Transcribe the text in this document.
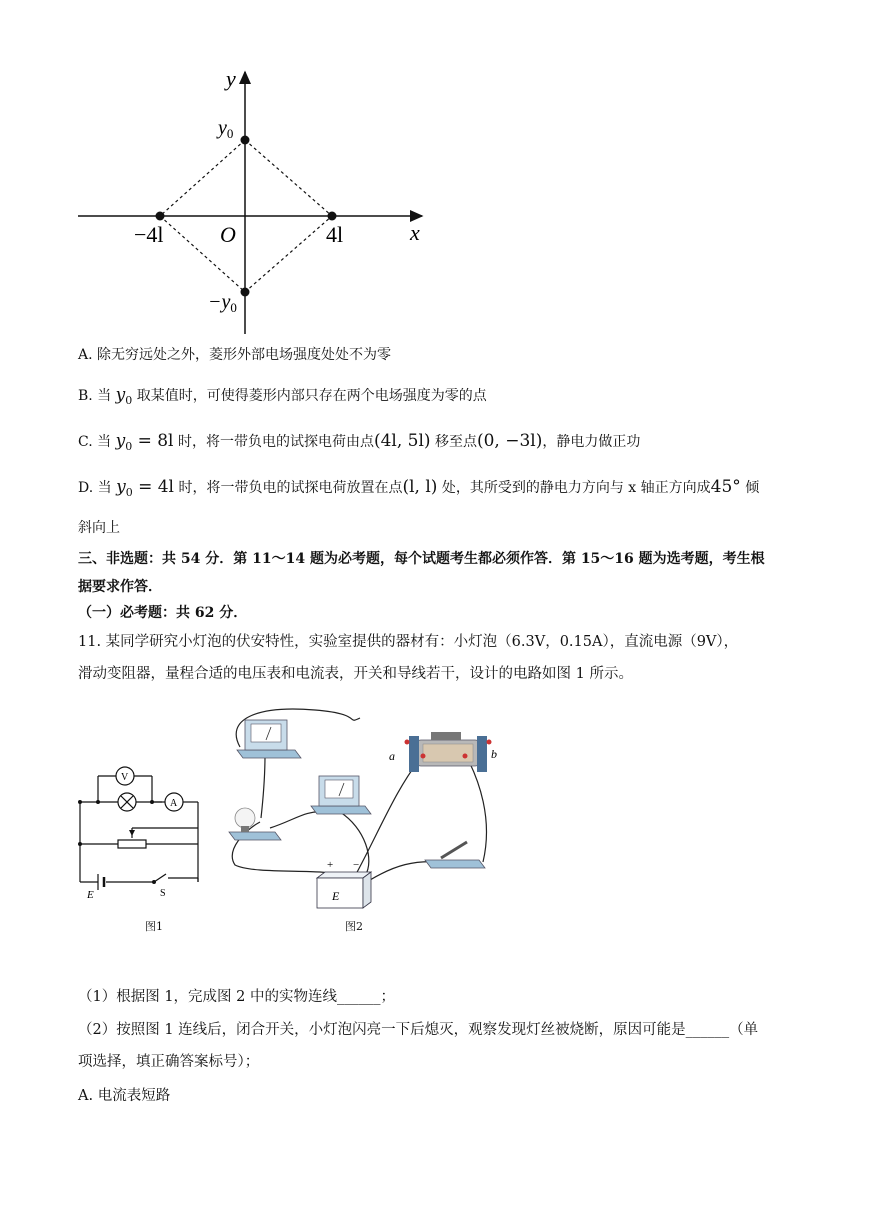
y
x
$y_0$
$-y_0$
−4l	O	4l
A. 除无穷远处之外，菱形外部电场强度处处不为零
B. 当 $y_0$ 取某值时，可使得菱形内部只存在两个电场强度为零的点
C. 当 $y_0 = 8l$ 时，将一带负电的试探电荷由点(4l, 5l) 移至点(0, −3l)，静电力做正功
D. 当 $y_0 = 4l$ 时，将一带负电的试探电荷放置在点(l, l) 处，其所受到的静电力方向与 x 轴正方向成45° 倾
斜向上
三、非选题：共 54 分．第 11～14 题为必考题，每个试题考生都必须作答．第 15～16 题为选考题，考生根
据要求作答．
（一）必考题：共 62 分．
11. 某同学研究小灯泡的伏安特性，实验室提供的器材有：小灯泡（6.3V，0.15A），直流电源（9V），
滑动变阻器，量程合适的电压表和电流表，开关和导线若干，设计的电路如图 1 所示。
V
A
E	S
图1
a	b
+ −
E
图2
（1）根据图 1，完成图 2 中的实物连线______；
（2）按照图 1 连线后，闭合开关，小灯泡闪亮一下后熄灭，观察发现灯丝被烧断，原因可能是______（单
项选择，填正确答案标号）；
A. 电流表短路
